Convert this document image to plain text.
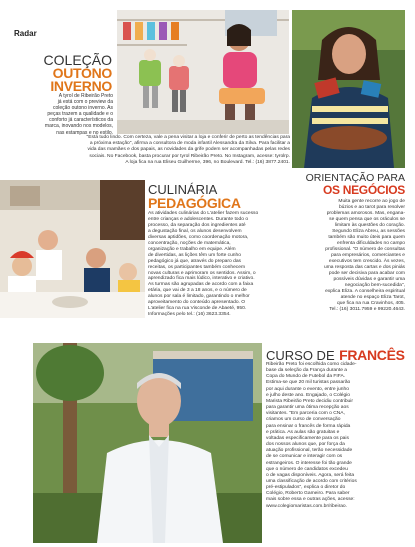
Radar
COLEÇÃO
OUTONO
INVERNO
A tyrol de Ribeirão Preto
já está com o preview da
coleção outono inverno. As
peças trazem a qualidade e o
conforto já característicos da
marca, inovando nos modelos,
nas estampas e no estilo.
"Está tudo lindo. Com certeza, vale a pena visitar a loja e conferir de perto as tendências para
a próxima estação", afirma a consultora de moda infantil Alessandra da Silva. Para facilitar a
vida das mamães e dos papais, as novidades da grife podem ser acompanhadas pelas redes
sociais. No Facebook, basta procurar por tyrol Ribeirão Preto. No Instagram, acesse: tyrolrp.
A loja fica na rua Eliseu Guilherme, 396, no Boulevard. Tel.: (16) 3877.2401.
CULINÁRIA
PEDAGÓGICA
As atividades culinárias do L'atelier fazem sucesso
entre crianças e adolescentes. Durante todo o
processo, da separação dos ingredientes até
a degustação final, os alunos desenvolvem
diversas aptidões, como coordenação motora,
concentração, noções de matemática,
organização e trabalho em equipe. Além
de divertidas, as lições têm um forte cunho
pedagógico já que, através do preparo das
receitas, os participantes também conhecem
novas culturas e aprimoram os sentidos. Assim, o
aprendizado fica mais lúdico, interativo e criativo.
As turmas são agrupadas de acordo com a faixa
etária, que vai de 3 a 18 anos, e o número de
alunos por sala é limitado, garantindo o melhor
aproveitamento do conteúdo apresentado. O
L'atelier fica na rua Visconde de Abaeté, 950.
Informações pelo tel.: (16) 3623.3354.
ORIENTAÇÃO PARA
OS NEGÓCIOS
Muita gente recorre ao jogo de
búzios e ao tarot para resolver
problemas amorosos. Mas, engana-
se quem pensa que os oráculos se
limitam às questões do coração.
Segundo Eliza Abreu, as sessões
também são muito úteis para quem
enfrenta dificuldades no campo
profissional. "O número de consultas
para empresários, comerciantes e
executivos tem crescido. Às vezes,
uma resposta das cartas e dos piniás
pode ser decisiva para acabar com
possíveis dúvidas e garantir uma
negociação bem-sucedida",
explica Eliza. A conselheira espiritual
atende no espaço Eliza Tarot,
que fica na rua Cravinhos, 405.
Tel.: (16) 3011.7959 e 99220.4643.
CURSO DE FRANCÊS
Ribeirão Preto foi escolhida como cidade-
base da seleção da França durante a
Copa do Mundo de Futebol da FIFA.
Estima-se que 20 mil turistas passarão
por aqui durante o evento, entre junho
e julho deste ano. Engajado, o Colégio
Marista Ribeirão Preto decidiu contribuir
para garantir uma ótima recepção aos
visitantes. "Em parceria com o CNA,
criamos um curso de conversação
para ensinar o francês de forma rápida
e prática. As aulas são gratuitas e
voltadas especificamente para os pais
dos nossos alunos que, por força da
atuação profissional, terão necessidade
de se comunicar e interagir com os
estrangeiros. O interesse foi tão grande
que o número de candidatos excedeu
o de vagas disponíveis. Agora, será feita
uma classificação de acordo com critérios
pré-estipulados", explica o diretor do
Colégio, Roberto Gameiro. Para saber
mais sobre essa e outras ações, acesse:
www.colegiomaristas.com.br/ribeirao.
